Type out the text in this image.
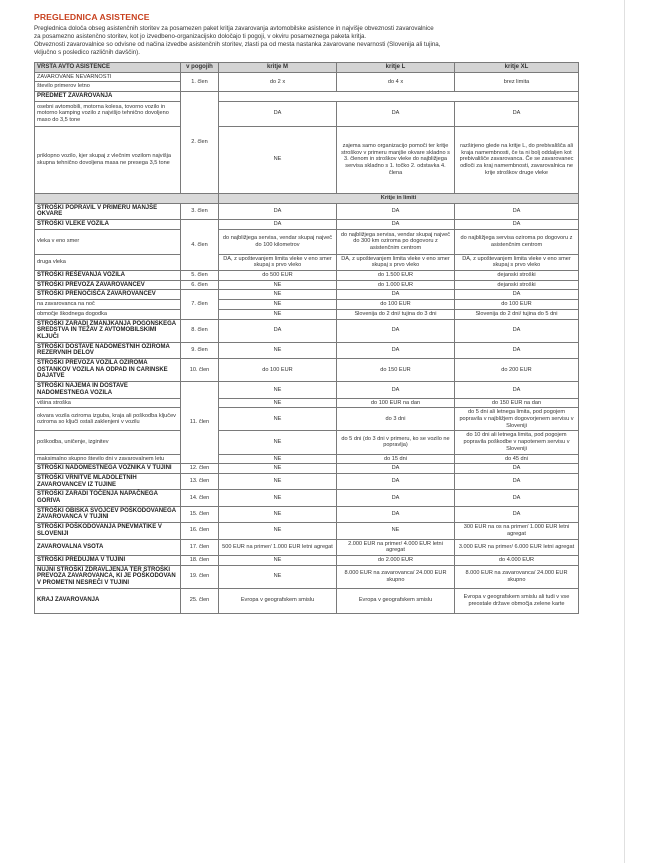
PREGLEDNICA ASISTENCE

Preglednica določa obseg asistenčnih storitev za posamezen paket kritja zavarovanja avtomobilske asistence in najvišje obveznosti zavarovalnice
za posamezno asistenčno storitev, kot jo izvedbeno-organizacijsko določajo ti pogoji, v okviru posameznega paketa kritja.
Obveznosti zavarovalnice so odvisne od načina izvedbe asistenčnih storitev, zlasti pa od mesta nastanka zavarovane nevarnosti (Slovenija ali tujina,
vključno s posledico različnih davščin).

VRSTA AVTO ASISTENCE	v pogojih	kritje M	kritje L	kritje XL

ZAVAROVANE NEVARNOSTI
število primerov letno	1. člen	do 2 x	do 4 x	brez limita
PREDMET ZAVAROVANJA	2. člen			
osebni avtomobili, motorna kolesa, tovorno vozilo in motorno kamping vozilo z najvišjo tehnično dovoljeno maso do 3,5 tone		DA	DA	DA
priklopno vozilo, kjer skupaj z vlečnim vozilom najvišja skupna tehnično dovoljena masa ne presega 3,5 tone		NE	zajema samo organizacijo pomoči ter kritje stroškov v primeru manjše okvare skladno s 3. členom in stroškov vleke do najbližjega servisa skladno s 1. točko 2. odstavka 4. člena	razširjeno glede na kritje L, do prebivališča ali kraja namembnosti, če ta ni bolj oddaljen kot prebivališče zavarovanca. Če se zavarovanec odloči za kraj namembnosti, zavarovalnica ne krije stroškov druge vleke
		Kritje in limiti		
STROŠKI POPRAVIL V PRIMERU MANJŠE OKVARE	3. člen	DA	DA	DA
STROŠKI VLEKE VOZILA	4. člen	DA	DA	DA
vleka v eno smer		do najbližjega servisa, vendar skupaj največ do 100 kilometrov	do najbližjega servisa, vendar skupaj največ do 300 km oziroma po dogovoru z asistenčnim centrom	do najbližjega servisa oziroma po dogovoru z asistenčnim centrom
druga vleka		DA, z upoštevanjem limita vleke v eno smer skupaj s prvo vleko	DA, z upoštevanjem limita vleke v eno smer skupaj s prvo vleko	DA, z upoštevanjem limita vleke v eno smer skupaj s prvo vleko
STROŠKI REŠEVANJA VOZILA	5. člen	do 500 EUR	do 1.500 EUR	dejanski stroški
STROŠKI PREVOZA ZAVAROVANCEV	6. člen	NE	do 1.000 EUR	dejanski stroški
STROŠKI PRENOČIŠČA ZAVAROVANCEV	7. člen	NE	DA	DA
na zavarovanca na noč		NE	do 100 EUR	do 100 EUR
območje škodnega dogodka		NE	Slovenija do 2 dni/ tujina do 3 dni	Slovenija do 2 dni/ tujina do 5 dni
STROŠKI ZARADI ZMANJKANJA POGONSKEGA SREDSTVA IN TEŽAV Z AVTOMOBILSKIMI KLJUČI	8. člen	DA	DA	DA
STROŠKI DOSTAVE NADOMESTNIH OZIROMA REZERVNIH DELOV	9. člen	NE	DA	DA
STROŠKI PREVOZA VOZILA OZIROMA OSTANKOV VOZILA NA ODPAD IN CARINSKE DAJATVE	10. člen	do 100 EUR	do 150 EUR	do 200 EUR
STROŠKI NAJEMA IN DOSTAVE NADOMESTNEGA VOZILA	11. člen	NE	DA	DA
višina stroška		NE	do 100 EUR na dan	do 150 EUR na dan
okvara vozila oziroma izguba, kraja ali poškodba ključev oziroma so ključi ostali zaklenjeni v vozilu		NE	do 3 dni	do 5 dni ali letnega limita, pod pogojem popravila v najbližjem dogovorjenem servisu v Sloveniji
poškodba, uničenje, izginitev		NE	do 5 dni (do 3 dni v primeru, ko se vozilo ne popravlja)	do 10 dni ali letnega limita, pod pogojem popravila poškodbe v napotenem servisu v Sloveniji
maksimalno skupno število dni v zavarovalnem letu		NE	do 15 dni	do 45 dni
STROŠKI NADOMESTNEGA VOZNIKA V TUJINI	12. člen	NE	DA	DA
STROŠKI VRNITVE MLADOLETNIH ZAVAROVANCEV IZ TUJINE	13. člen	NE	DA	DA
STROŠKI ZARADI TOČENJA NAPAČNEGA GORIVA	14. člen	NE	DA	DA
STROŠKI OBISKA SVOJCEV POŠKODOVANEGA ZAVAROVANCA V TUJINI	15. člen	NE	DA	DA
STROŠKI POŠKODOVANJA PNEVMATIKE V SLOVENIJI	16. člen	NE	NE	300 EUR na os na primer/ 1.000 EUR letni agregat
ZAVAROVALNA VSOTA	17. člen	500 EUR na primer/ 1.000 EUR letni agregat	2.000 EUR na primer/ 4.000 EUR letni agregat	3.000 EUR na primer/ 6.000 EUR letni agregat
STROŠKI PREDUJMA V TUJINI	18. člen	NE	do 2.000 EUR	do 4.000 EUR
NUJNI STROŠKI ZDRAVLJENJA TER STROŠKI PREVOZA ZAVAROVANCA, KI JE POŠKODOVAN V PROMETNI NESREČI V TUJINI	19. člen	NE	8.000 EUR na zavarovanca/ 24.000 EUR skupno	8.000 EUR na zavarovanca/ 24.000 EUR skupno
KRAJ ZAVAROVANJA	25. člen	Evropa v geografskem smislu	Evropa v geografskem smislu	Evropa v geografskem smislu ali tudi v vse preostale države območja zelene karte
